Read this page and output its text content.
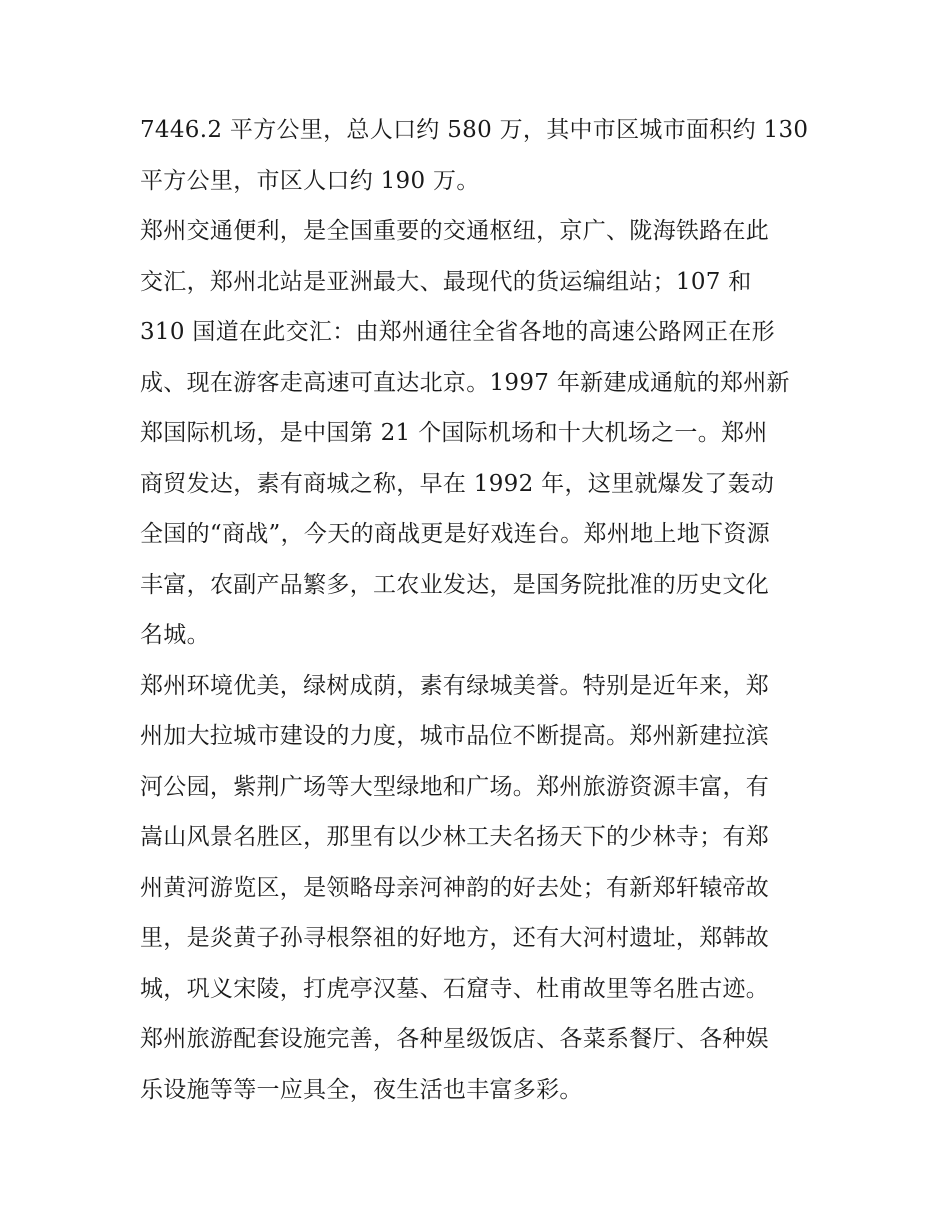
7446.2 平方公里，总人口约 580 万，其中市区城市面积约 130
平方公里，市区人口约 190 万。
郑州交通便利，是全国重要的交通枢纽，京广、陇海铁路在此
交汇，郑州北站是亚洲最大、最现代的货运编组站；107 和
310 国道在此交汇：由郑州通往全省各地的高速公路网正在形
成、现在游客走高速可直达北京。1997 年新建成通航的郑州新
郑国际机场，是中国第 21 个国际机场和十大机场之一。郑州
商贸发达，素有商城之称，早在 1992 年，这里就爆发了轰动
全国的“商战”，今天的商战更是好戏连台。郑州地上地下资源
丰富，农副产品繁多，工农业发达，是国务院批准的历史文化
名城。
郑州环境优美，绿树成荫，素有绿城美誉。特别是近年来，郑
州加大拉城市建设的力度，城市品位不断提高。郑州新建拉滨
河公园，紫荆广场等大型绿地和广场。郑州旅游资源丰富，有
嵩山风景名胜区，那里有以少林工夫名扬天下的少林寺；有郑
州黄河游览区，是领略母亲河神韵的好去处；有新郑轩辕帝故
里，是炎黄子孙寻根祭祖的好地方，还有大河村遗址，郑韩故
城，巩义宋陵，打虎亭汉墓、石窟寺、杜甫故里等名胜古迹。
郑州旅游配套设施完善，各种星级饭店、各菜系餐厅、各种娱
乐设施等等一应具全，夜生活也丰富多彩。
